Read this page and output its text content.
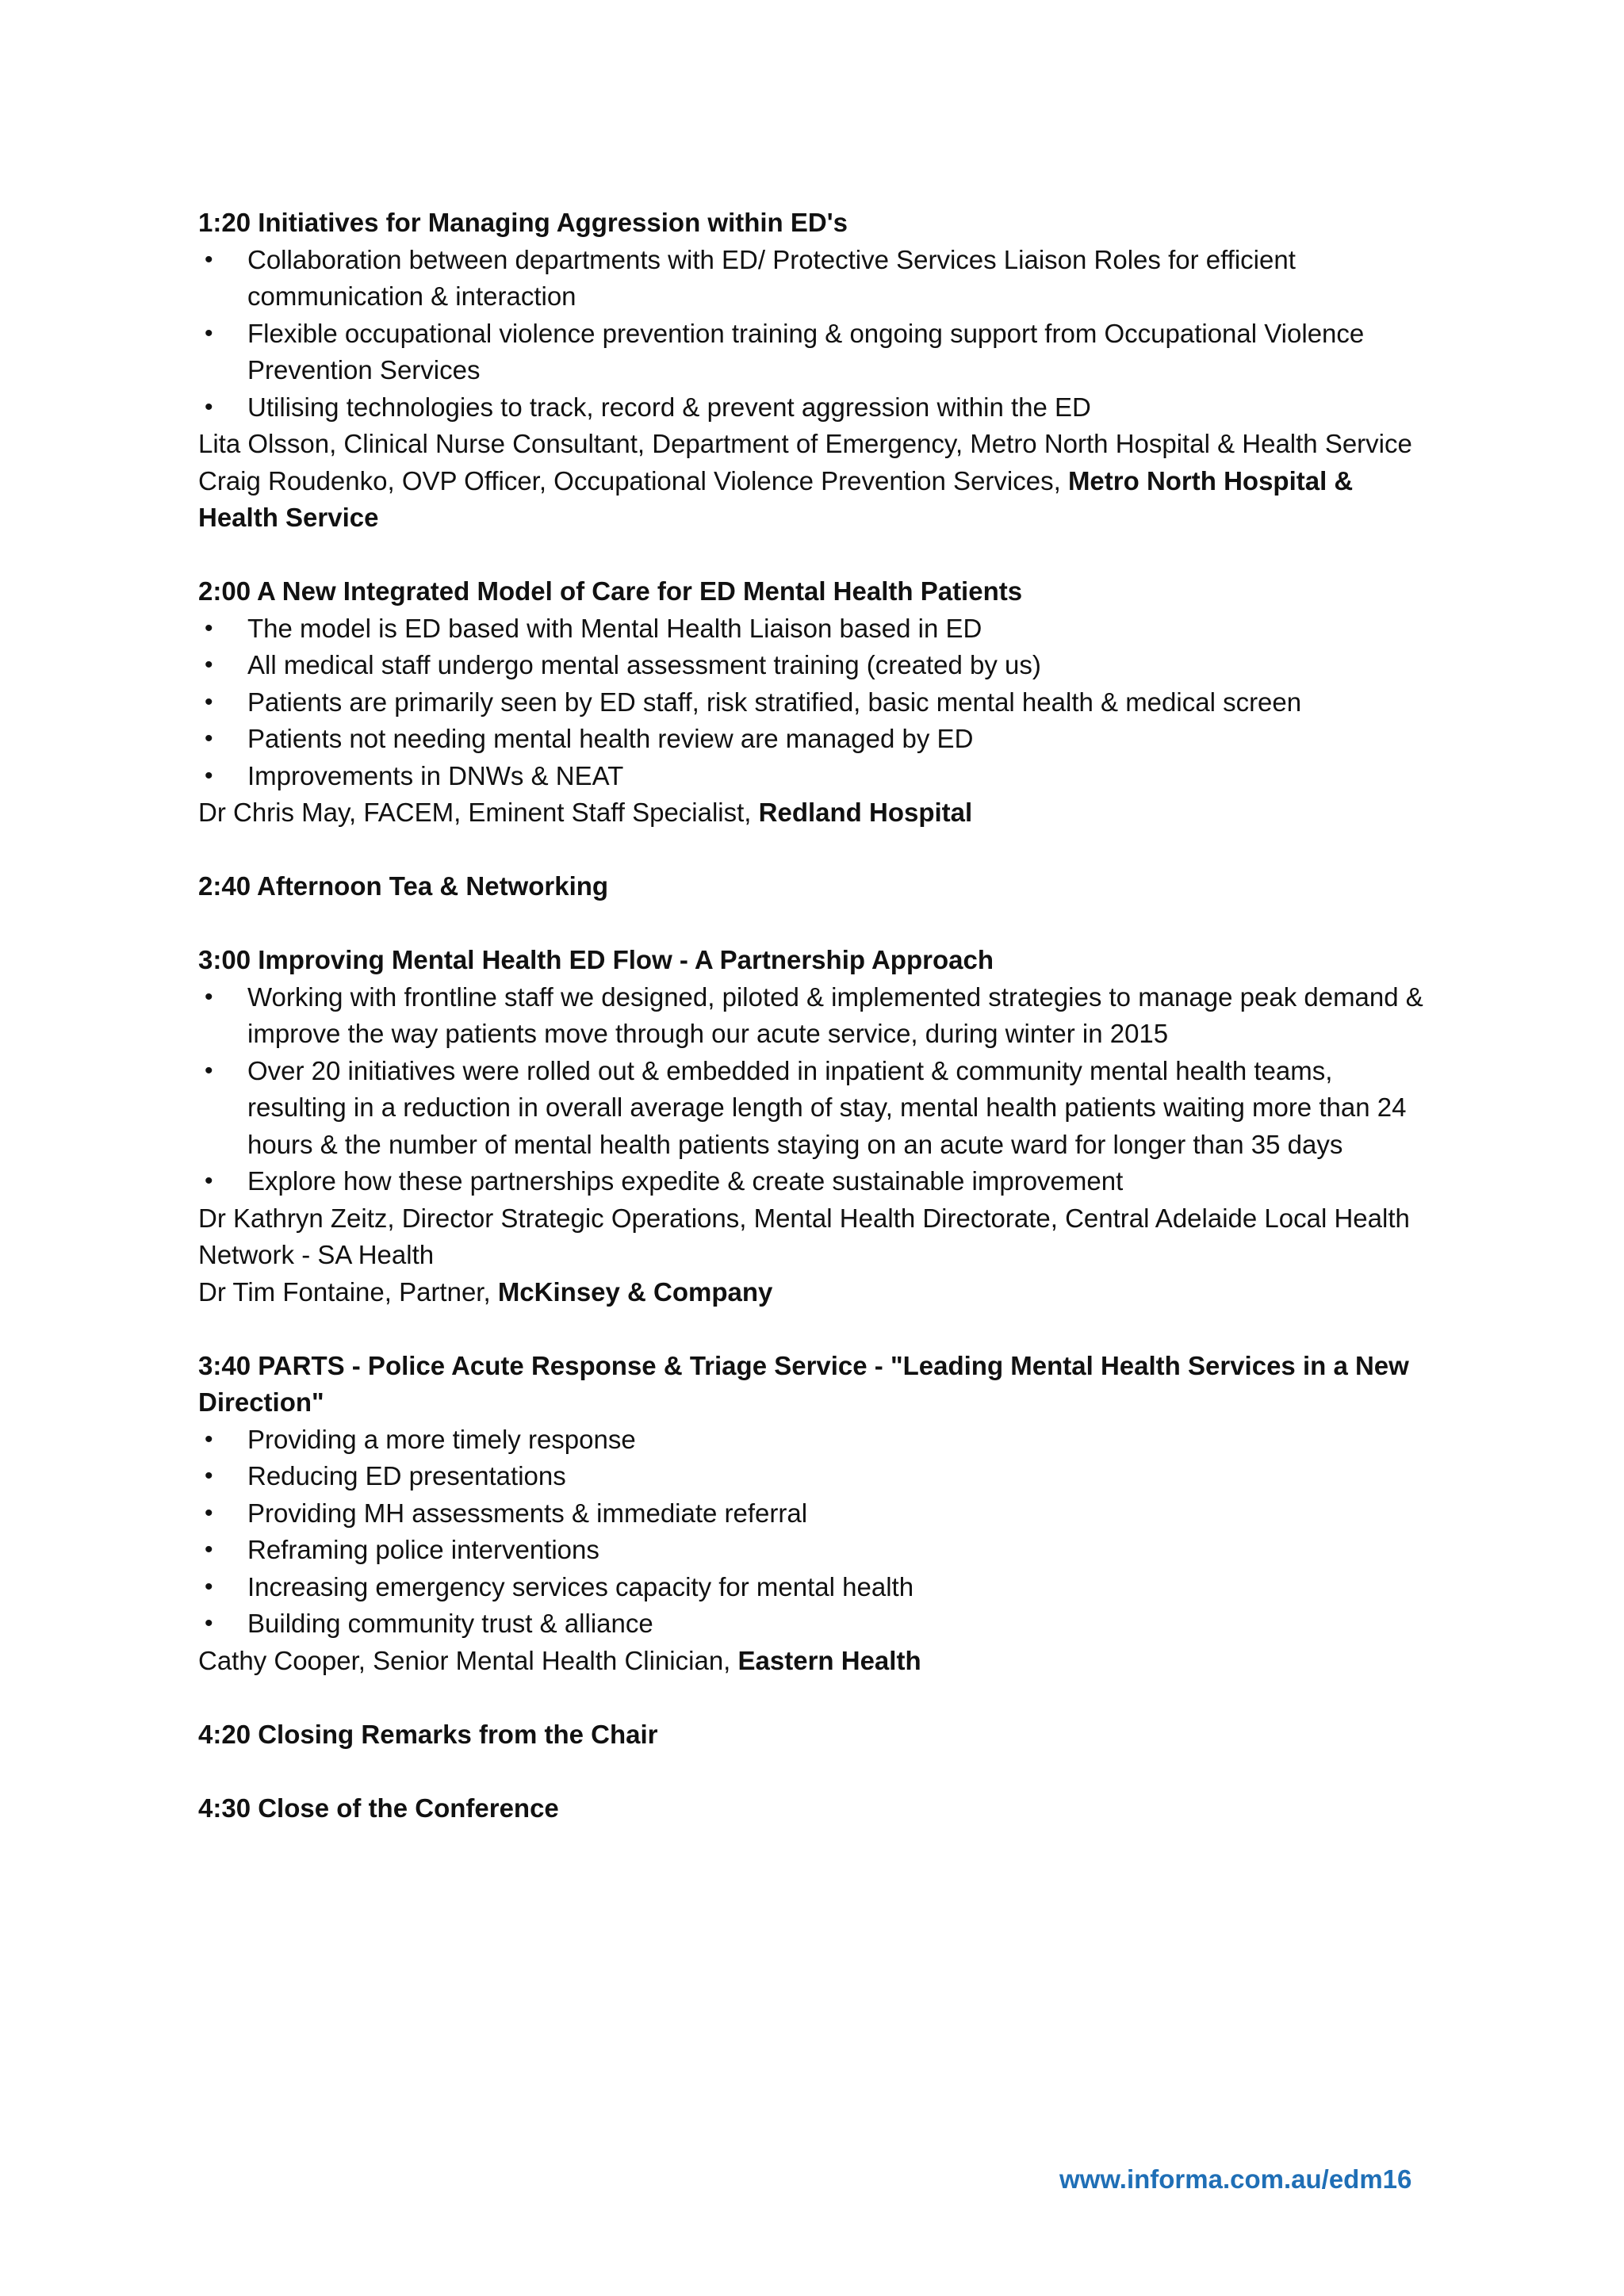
1:20 Initiatives for Managing Aggression within ED's

• Collaboration between departments with ED/ Protective Services Liaison Roles for efficient communication & interaction
• Flexible occupational violence prevention training & ongoing support from Occupational Violence Prevention Services
• Utilising technologies to track, record & prevent aggression within the ED

Lita Olsson, Clinical Nurse Consultant, Department of Emergency, Metro North Hospital & Health Service

Craig Roudenko, OVP Officer, Occupational Violence Prevention Services, Metro North Hospital & Health Service

2:00 A New Integrated Model of Care for ED Mental Health Patients

• The model is ED based with Mental Health Liaison based in ED
• All medical staff undergo mental assessment training (created by us)
• Patients are primarily seen by ED staff, risk stratified, basic mental health & medical screen
• Patients not needing mental health review are managed by ED
• Improvements in DNWs & NEAT

Dr Chris May, FACEM, Eminent Staff Specialist, Redland Hospital

2:40 Afternoon Tea & Networking

3:00 Improving Mental Health ED Flow - A Partnership Approach

• Working with frontline staff we designed, piloted & implemented strategies to manage peak demand & improve the way patients move through our acute service, during winter in 2015
• Over 20 initiatives were rolled out & embedded in inpatient & community mental health teams, resulting in a reduction in overall average length of stay, mental health patients waiting more than 24 hours & the number of mental health patients staying on an acute ward for longer than 35 days
• Explore how these partnerships expedite & create sustainable improvement

Dr Kathryn Zeitz, Director Strategic Operations, Mental Health Directorate, Central Adelaide Local Health Network - SA Health

Dr Tim Fontaine, Partner, McKinsey & Company

3:40 PARTS - Police Acute Response & Triage Service - "Leading Mental Health Services in a New Direction"

• Providing a more timely response
• Reducing ED presentations
• Providing MH assessments & immediate referral
• Reframing police interventions
• Increasing emergency services capacity for mental health
• Building community trust & alliance

Cathy Cooper, Senior Mental Health Clinician, Eastern Health

4:20 Closing Remarks from the Chair

4:30 Close of the Conference

www.informa.com.au/edm16
